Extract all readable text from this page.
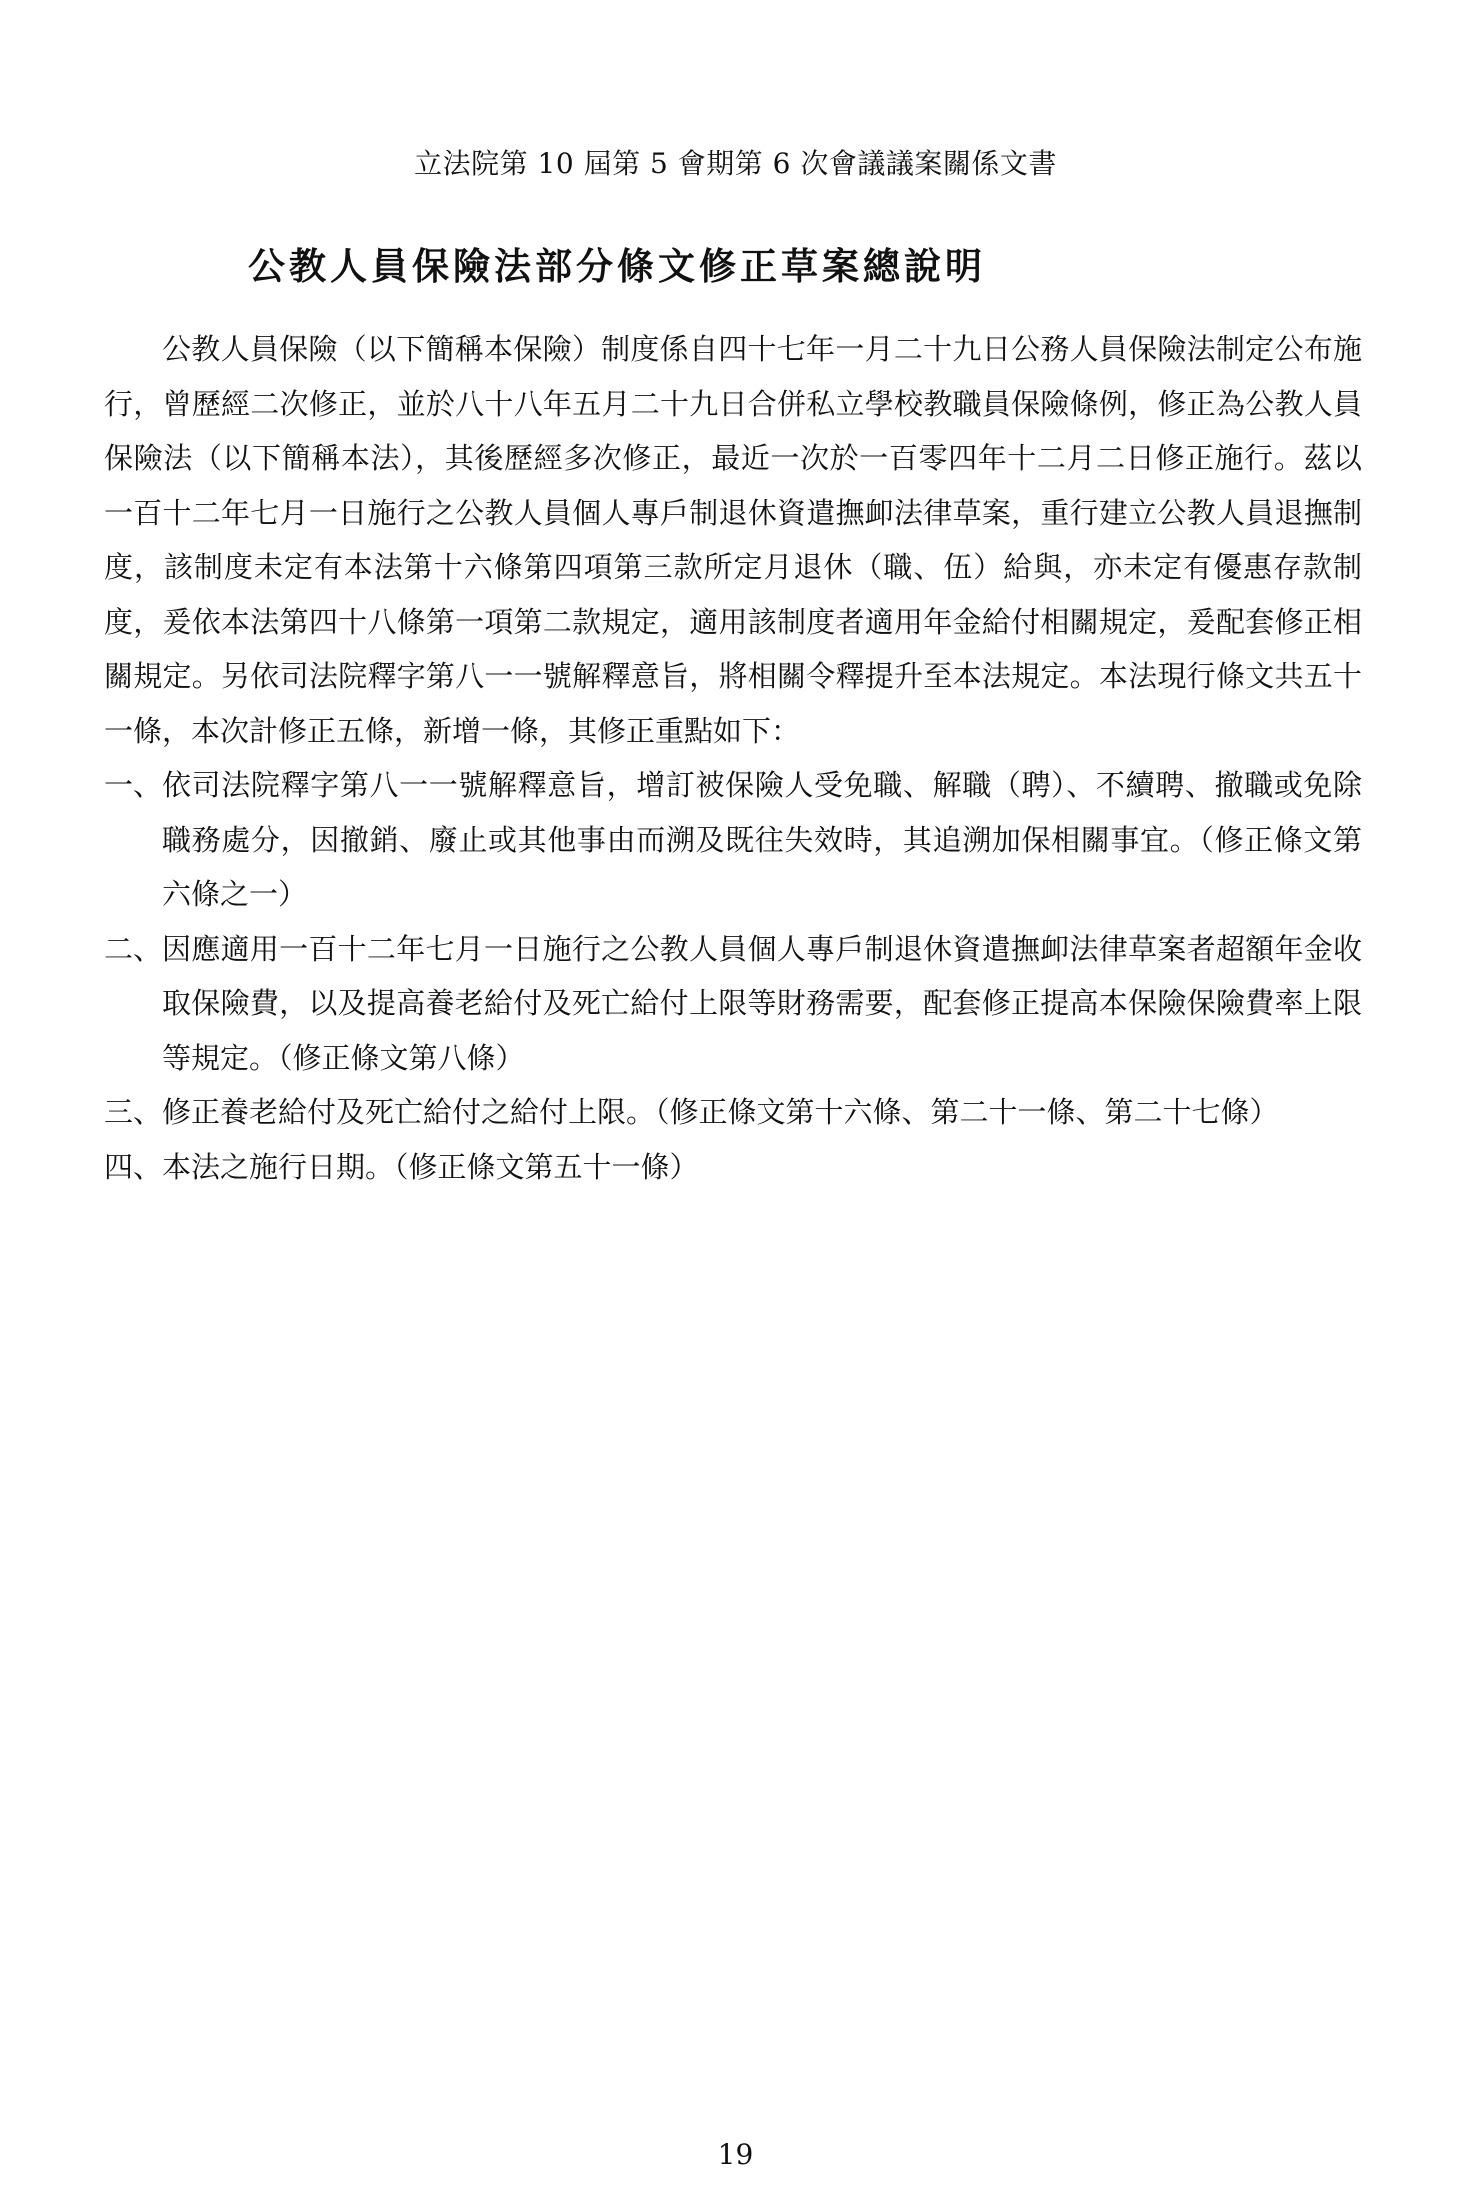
立法院第 10 屆第 5 會期第 6 次會議議案關係文書
公教人員保險法部分條文修正草案總說明

公教人員保險（以下簡稱本保險）制度係自四十七年一月二十九日公務人員保險法制定公布施行，曾歷經二次修正，並於八十八年五月二十九日合併私立學校教職員保險條例，修正為公教人員保險法（以下簡稱本法），其後歷經多次修正，最近一次於一百零四年十二月二日修正施行。茲以一百十二年七月一日施行之公教人員個人專戶制退休資遣撫卹法律草案，重行建立公教人員退撫制度，該制度未定有本法第十六條第四項第三款所定月退休（職、伍）給與，亦未定有優惠存款制度，爰依本法第四十八條第一項第二款規定，適用該制度者適用年金給付相關規定，爰配套修正相關規定。另依司法院釋字第八一一號解釋意旨，將相關令釋提升至本法規定。本法現行條文共五十一條，本次計修正五條，新增一條，其修正重點如下：

一、 依司法院釋字第八一一號解釋意旨，增訂被保險人受免職、解職（聘）、不續聘、撤職或免除職務處分，因撤銷、廢止或其他事由而溯及既往失效時，其追溯加保相關事宜。（修正條文第六條之一）
二、 因應適用一百十二年七月一日施行之公教人員個人專戶制退休資遣撫卹法律草案者超額年金收取保險費，以及提高養老給付及死亡給付上限等財務需要，配套修正提高本保險保險費率上限等規定。（修正條文第八條）
三、 修正養老給付及死亡給付之給付上限。（修正條文第十六條、第二十一條、第二十七條）
四、 本法之施行日期。（修正條文第五十一條）
19
